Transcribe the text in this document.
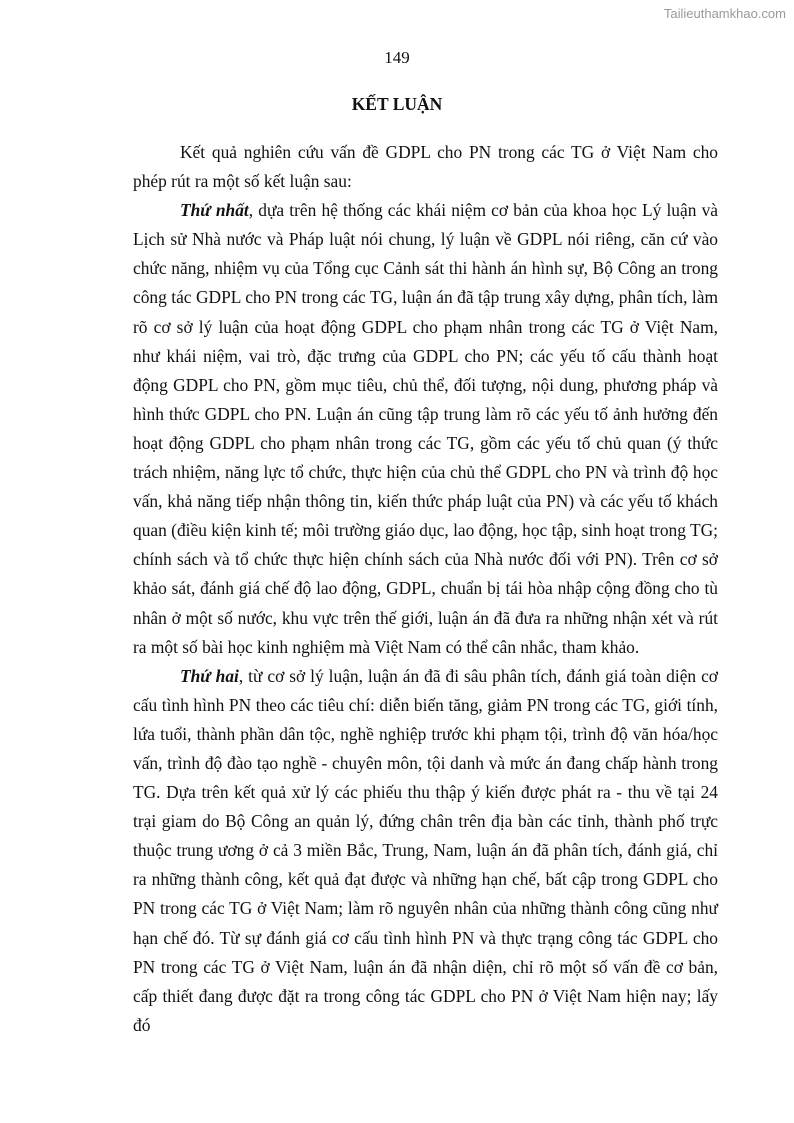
Tailieuthamkhao.com
149
KẾT LUẬN

Kết quả nghiên cứu vấn đề GDPL cho PN trong các TG ở Việt Nam cho phép rút ra một số kết luận sau:

Thứ nhất, dựa trên hệ thống các khái niệm cơ bản của khoa học Lý luận và Lịch sử Nhà nước và Pháp luật nói chung, lý luận về GDPL nói riêng, căn cứ vào chức năng, nhiệm vụ của Tổng cục Cảnh sát thi hành án hình sự, Bộ Công an trong công tác GDPL cho PN trong các TG, luận án đã tập trung xây dựng, phân tích, làm rõ cơ sở lý luận của hoạt động GDPL cho phạm nhân trong các TG ở Việt Nam, như khái niệm, vai trò, đặc trưng của GDPL cho PN; các yếu tố cấu thành hoạt động GDPL cho PN, gồm mục tiêu, chủ thể, đối tượng, nội dung, phương pháp và hình thức GDPL cho PN. Luận án cũng tập trung làm rõ các yếu tố ảnh hưởng đến hoạt động GDPL cho phạm nhân trong các TG, gồm các yếu tố chủ quan (ý thức trách nhiệm, năng lực tổ chức, thực hiện của chủ thể GDPL cho PN và trình độ học vấn, khả năng tiếp nhận thông tin, kiến thức pháp luật của PN) và các yếu tố khách quan (điều kiện kinh tế; môi trường giáo dục, lao động, học tập, sinh hoạt trong TG; chính sách và tổ chức thực hiện chính sách của Nhà nước đối với PN). Trên cơ sở khảo sát, đánh giá chế độ lao động, GDPL, chuẩn bị tái hòa nhập cộng đồng cho tù nhân ở một số nước, khu vực trên thế giới, luận án đã đưa ra những nhận xét và rút ra một số bài học kinh nghiệm mà Việt Nam có thể cân nhắc, tham khảo.

Thứ hai, từ cơ sở lý luận, luận án đã đi sâu phân tích, đánh giá toàn diện cơ cấu tình hình PN theo các tiêu chí: diễn biến tăng, giảm PN trong các TG, giới tính, lứa tuổi, thành phần dân tộc, nghề nghiệp trước khi phạm tội, trình độ văn hóa/học vấn, trình độ đào tạo nghề - chuyên môn, tội danh và mức án đang chấp hành trong TG. Dựa trên kết quả xử lý các phiếu thu thập ý kiến được phát ra - thu về tại 24 trại giam do Bộ Công an quản lý, đứng chân trên địa bàn các tỉnh, thành phố trực thuộc trung ương ở cả 3 miền Bắc, Trung, Nam, luận án đã phân tích, đánh giá, chỉ ra những thành công, kết quả đạt được và những hạn chế, bất cập trong GDPL cho PN trong các TG ở Việt Nam; làm rõ nguyên nhân của những thành công cũng như hạn chế đó. Từ sự đánh giá cơ cấu tình hình PN và thực trạng công tác GDPL cho PN trong các TG ở Việt Nam, luận án đã nhận diện, chỉ rõ một số vấn đề cơ bản, cấp thiết đang được đặt ra trong công tác GDPL cho PN ở Việt Nam hiện nay; lấy đó
